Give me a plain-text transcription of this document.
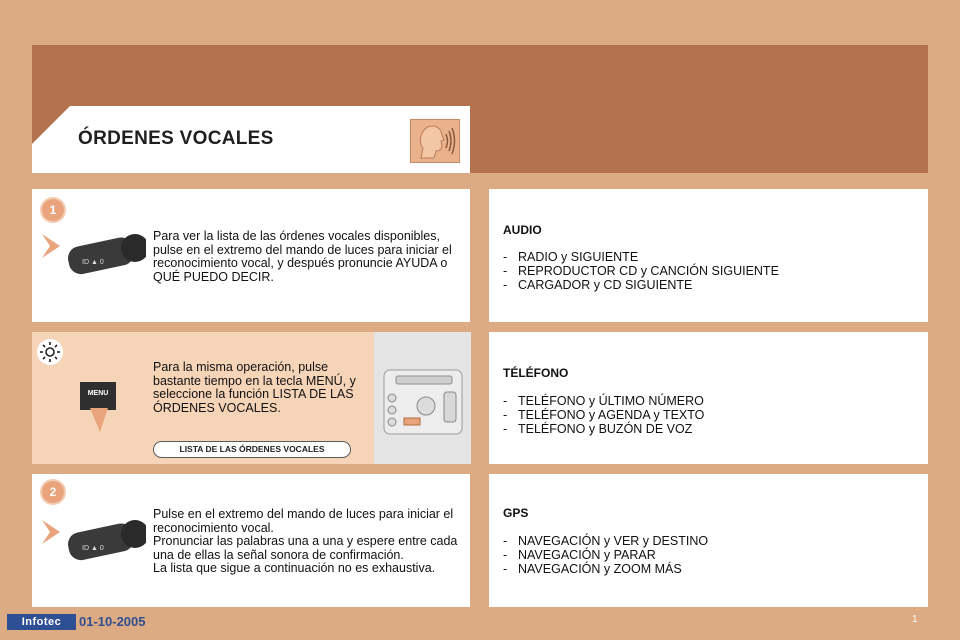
ÓRDENES VOCALES
1
ID ▲ 0
Para ver la lista de las órdenes vocales disponibles, pulse en el extremo del mando de luces para iniciar el reconocimiento vocal, y después pronuncie AYUDA o QUÉ PUEDO DECIR.
MENU
Para la misma operación, pulse bastante tiempo en la tecla MENÚ, y seleccione la función LISTA DE LAS ÓRDENES VOCALES.
LISTA DE LAS ÓRDENES VOCALES
2
ID ▲ 0
Pulse en el extremo del mando de luces para iniciar el reconocimiento vocal.
Pronunciar las palabras una a una y espere entre cada una de ellas la señal sonora de confirmación.
La lista que sigue a continuación no es exhaustiva.
AUDIO
- RADIO y SIGUIENTE
- REPRODUCTOR CD y CANCIÓN SIGUIENTE
- CARGADOR y CD SIGUIENTE
TÉLÉFONO
- TELÉFONO y ÚLTIMO NÚMERO
- TELÉFONO y AGENDA y TEXTO
- TELÉFONO y BUZÓN DE VOZ
GPS
- NAVEGACIÓN y VER y DESTINO
- NAVEGACIÓN y PARAR
- NAVEGACIÓN y ZOOM MÁS
Infotec	01-10-2005	1
